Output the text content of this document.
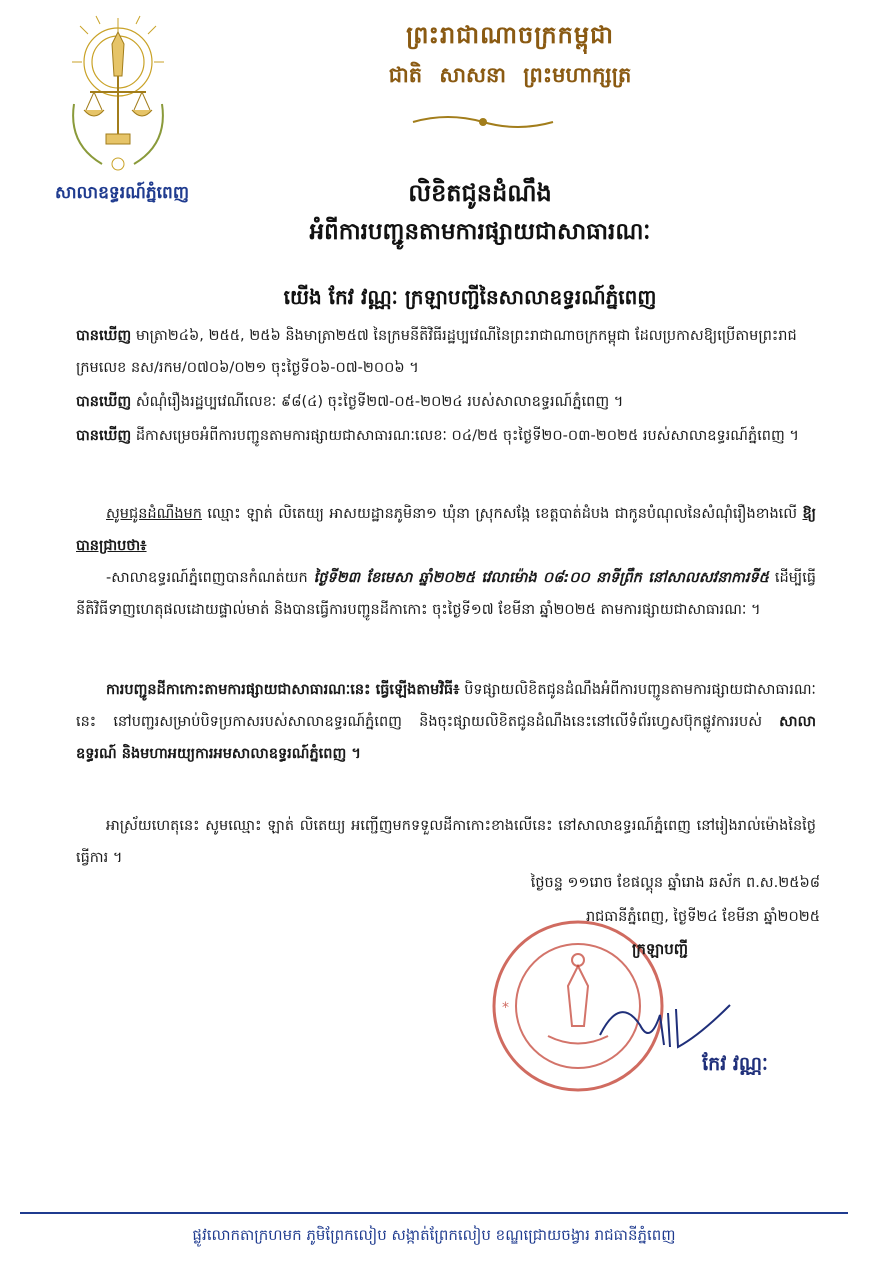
សាលាឧទ្ធរណ៍ភ្នំពេញ
ព្រះរាជាណាចក្រកម្ពុជា
ជាតិ សាសនា ព្រះមហាក្សត្រ
លិខិតជូនដំណឹង
អំពីការបញ្ជូនតាមការផ្សាយជាសាធារណៈ
យើង កែវ វណ្ណៈ ក្រឡាបញ្ជីនៃសាលាឧទ្ធរណ៍ភ្នំពេញ
បានឃើញ មាត្រា២៤៦, ២៥៥, ២៥៦ និងមាត្រា២៥៧ នៃក្រមនីតិវិធីរដ្ឋប្បវេណីនៃព្រះរាជាណាចក្រកម្ពុជា ដែលប្រកាសឱ្យប្រើតាមព្រះរាជក្រមលេខ នស/រកម/០៧០៦/០២១ ចុះថ្ងៃទី០៦-០៧-២០០៦ ។
បានឃើញ សំណុំរឿងរដ្ឋប្បវេណីលេខៈ ៩៨(៤) ចុះថ្ងៃទី២៧-០៥-២០២៤ របស់សាលាឧទ្ធរណ៍ភ្នំពេញ ។
បានឃើញ ដីកាសម្រេចអំពីការបញ្ជូនតាមការផ្សាយជាសាធារណៈលេខៈ ០៤/២៥ ចុះថ្ងៃទី២០-០៣-២០២៥ របស់សាលាឧទ្ធរណ៍ភ្នំពេញ ។
សូមជូនដំណឹងមក ឈ្មោះ ឡាត់ លិតេយ្យ អាសយដ្ឋានភូមិនា១ ឃុំនា ស្រុកសង្កែ ខេត្តបាត់ដំបង ជាកូនបំណុលនៃសំណុំរឿងខាងលើ ឱ្យបានជ្រាបថា៖
-សាលាឧទ្ធរណ៍ភ្នំពេញបានកំណត់យក ថ្ងៃទី២៣ ខែមេសា ឆ្នាំ២០២៥ វេលាម៉ោង ០៨:០០ នាទីព្រឹក នៅសាលសវនាការទី៥ ដើម្បីធ្វើនីតិវិធីទាញហេតុផលដោយផ្ទាល់មាត់ និងបានធ្វើការបញ្ជូនដីកាកោះ ចុះថ្ងៃទី១៧ ខែមីនា ឆ្នាំ២០២៥ តាមការផ្សាយជាសាធារណៈ ។
ការបញ្ជូនដីកាកោះតាមការផ្សាយជាសាធារណៈនេះ ធ្វើឡើងតាមវិធី៖ បិទផ្សាយលិខិតជូនដំណឹងអំពីការបញ្ជូនតាមការផ្សាយជាសាធារណៈនេះ នៅបញ្ជរសម្រាប់បិទប្រកាសរបស់សាលាឧទ្ធរណ៍ភ្នំពេញ និងចុះផ្សាយលិខិតជូនដំណឹងនេះនៅលើទំព័រហ្វេសប៊ុកផ្លូវការរបស់ សាលាឧទ្ធរណ៍ និងមហាអយ្យការអមសាលាឧទ្ធរណ៍ភ្នំពេញ ។
អាស្រ័យហេតុនេះ សូមឈ្មោះ ឡាត់ លិតេយ្យ អញ្ជើញមកទទួលដីកាកោះខាងលើនេះ នៅសាលាឧទ្ធរណ៍ភ្នំពេញ នៅរៀងរាល់ម៉ោងនៃថ្ងៃធ្វើការ ។
ថ្ងៃចន្ទ ១១រោច ខែផល្គុន ឆ្នាំរោង ឆស័ក ព.ស.២៥៦៨
រាជធានីភ្នំពេញ, ថ្ងៃទី២៤ ខែមីនា ឆ្នាំ២០២៥
*
ក្រឡាបញ្ជី
កែវ វណ្ណៈ
ផ្លូវលោកតាក្រហមក ភូមិព្រែកលៀប សង្កាត់ព្រែកលៀប ខណ្ឌជ្រោយចង្វារ រាជធានីភ្នំពេញ
